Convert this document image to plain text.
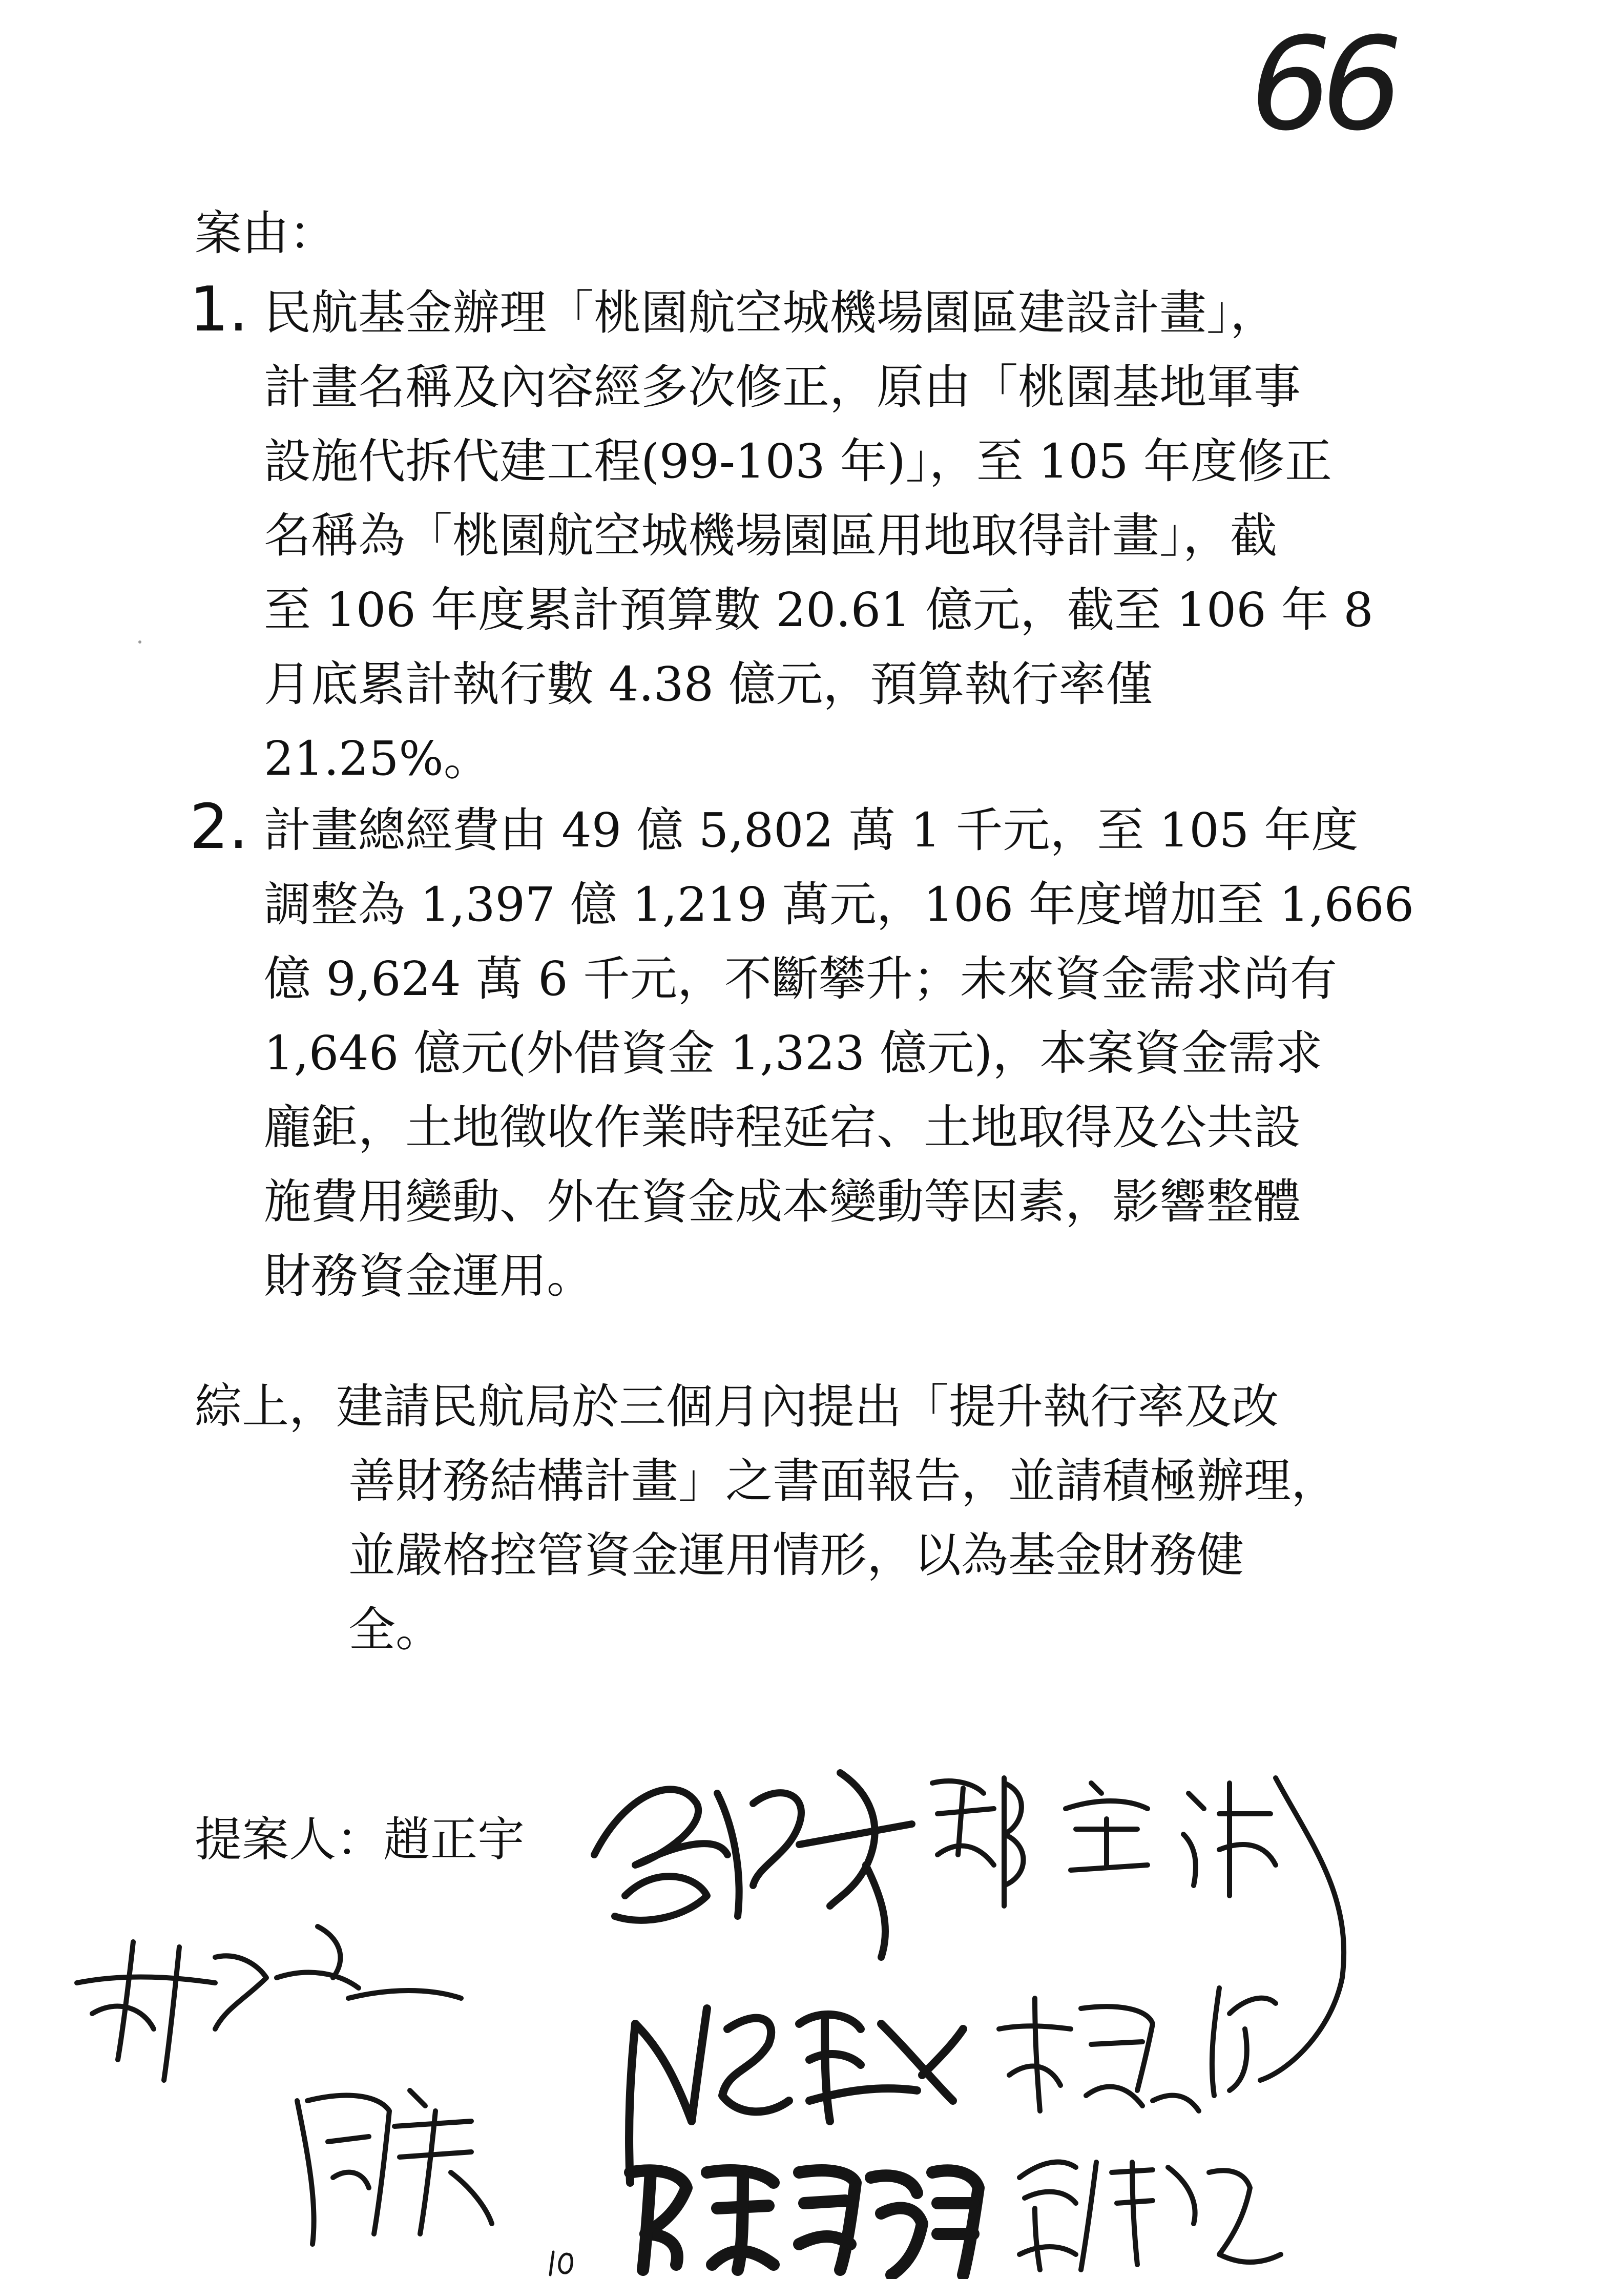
66
案由：
1. 民航基金辦理「桃園航空城機場園區建設計畫」，
計畫名稱及內容經多次修正，原由「桃園基地軍事
設施代拆代建工程(99-103 年)」，至 105 年度修正
名稱為「桃園航空城機場園區用地取得計畫」，截
至 106 年度累計預算數 20.61 億元，截至 106 年 8
月底累計執行數 4.38 億元，預算執行率僅
21.25%。
2. 計畫總經費由 49 億 5,802 萬 1 千元，至 105 年度
調整為 1,397 億 1,219 萬元，106 年度增加至 1,666
億 9,624 萬 6 千元，不斷攀升；未來資金需求尚有
1,646 億元(外借資金 1,323 億元)，本案資金需求
龐鉅，土地徵收作業時程延宕、土地取得及公共設
施費用變動、外在資金成本變動等因素，影響整體
財務資金運用。
綜上，建請民航局於三個月內提出「提升執行率及改
善財務結構計畫」之書面報告，並請積極辦理，
並嚴格控管資金運用情形，以為基金財務健
全。
提案人：趙正宇
